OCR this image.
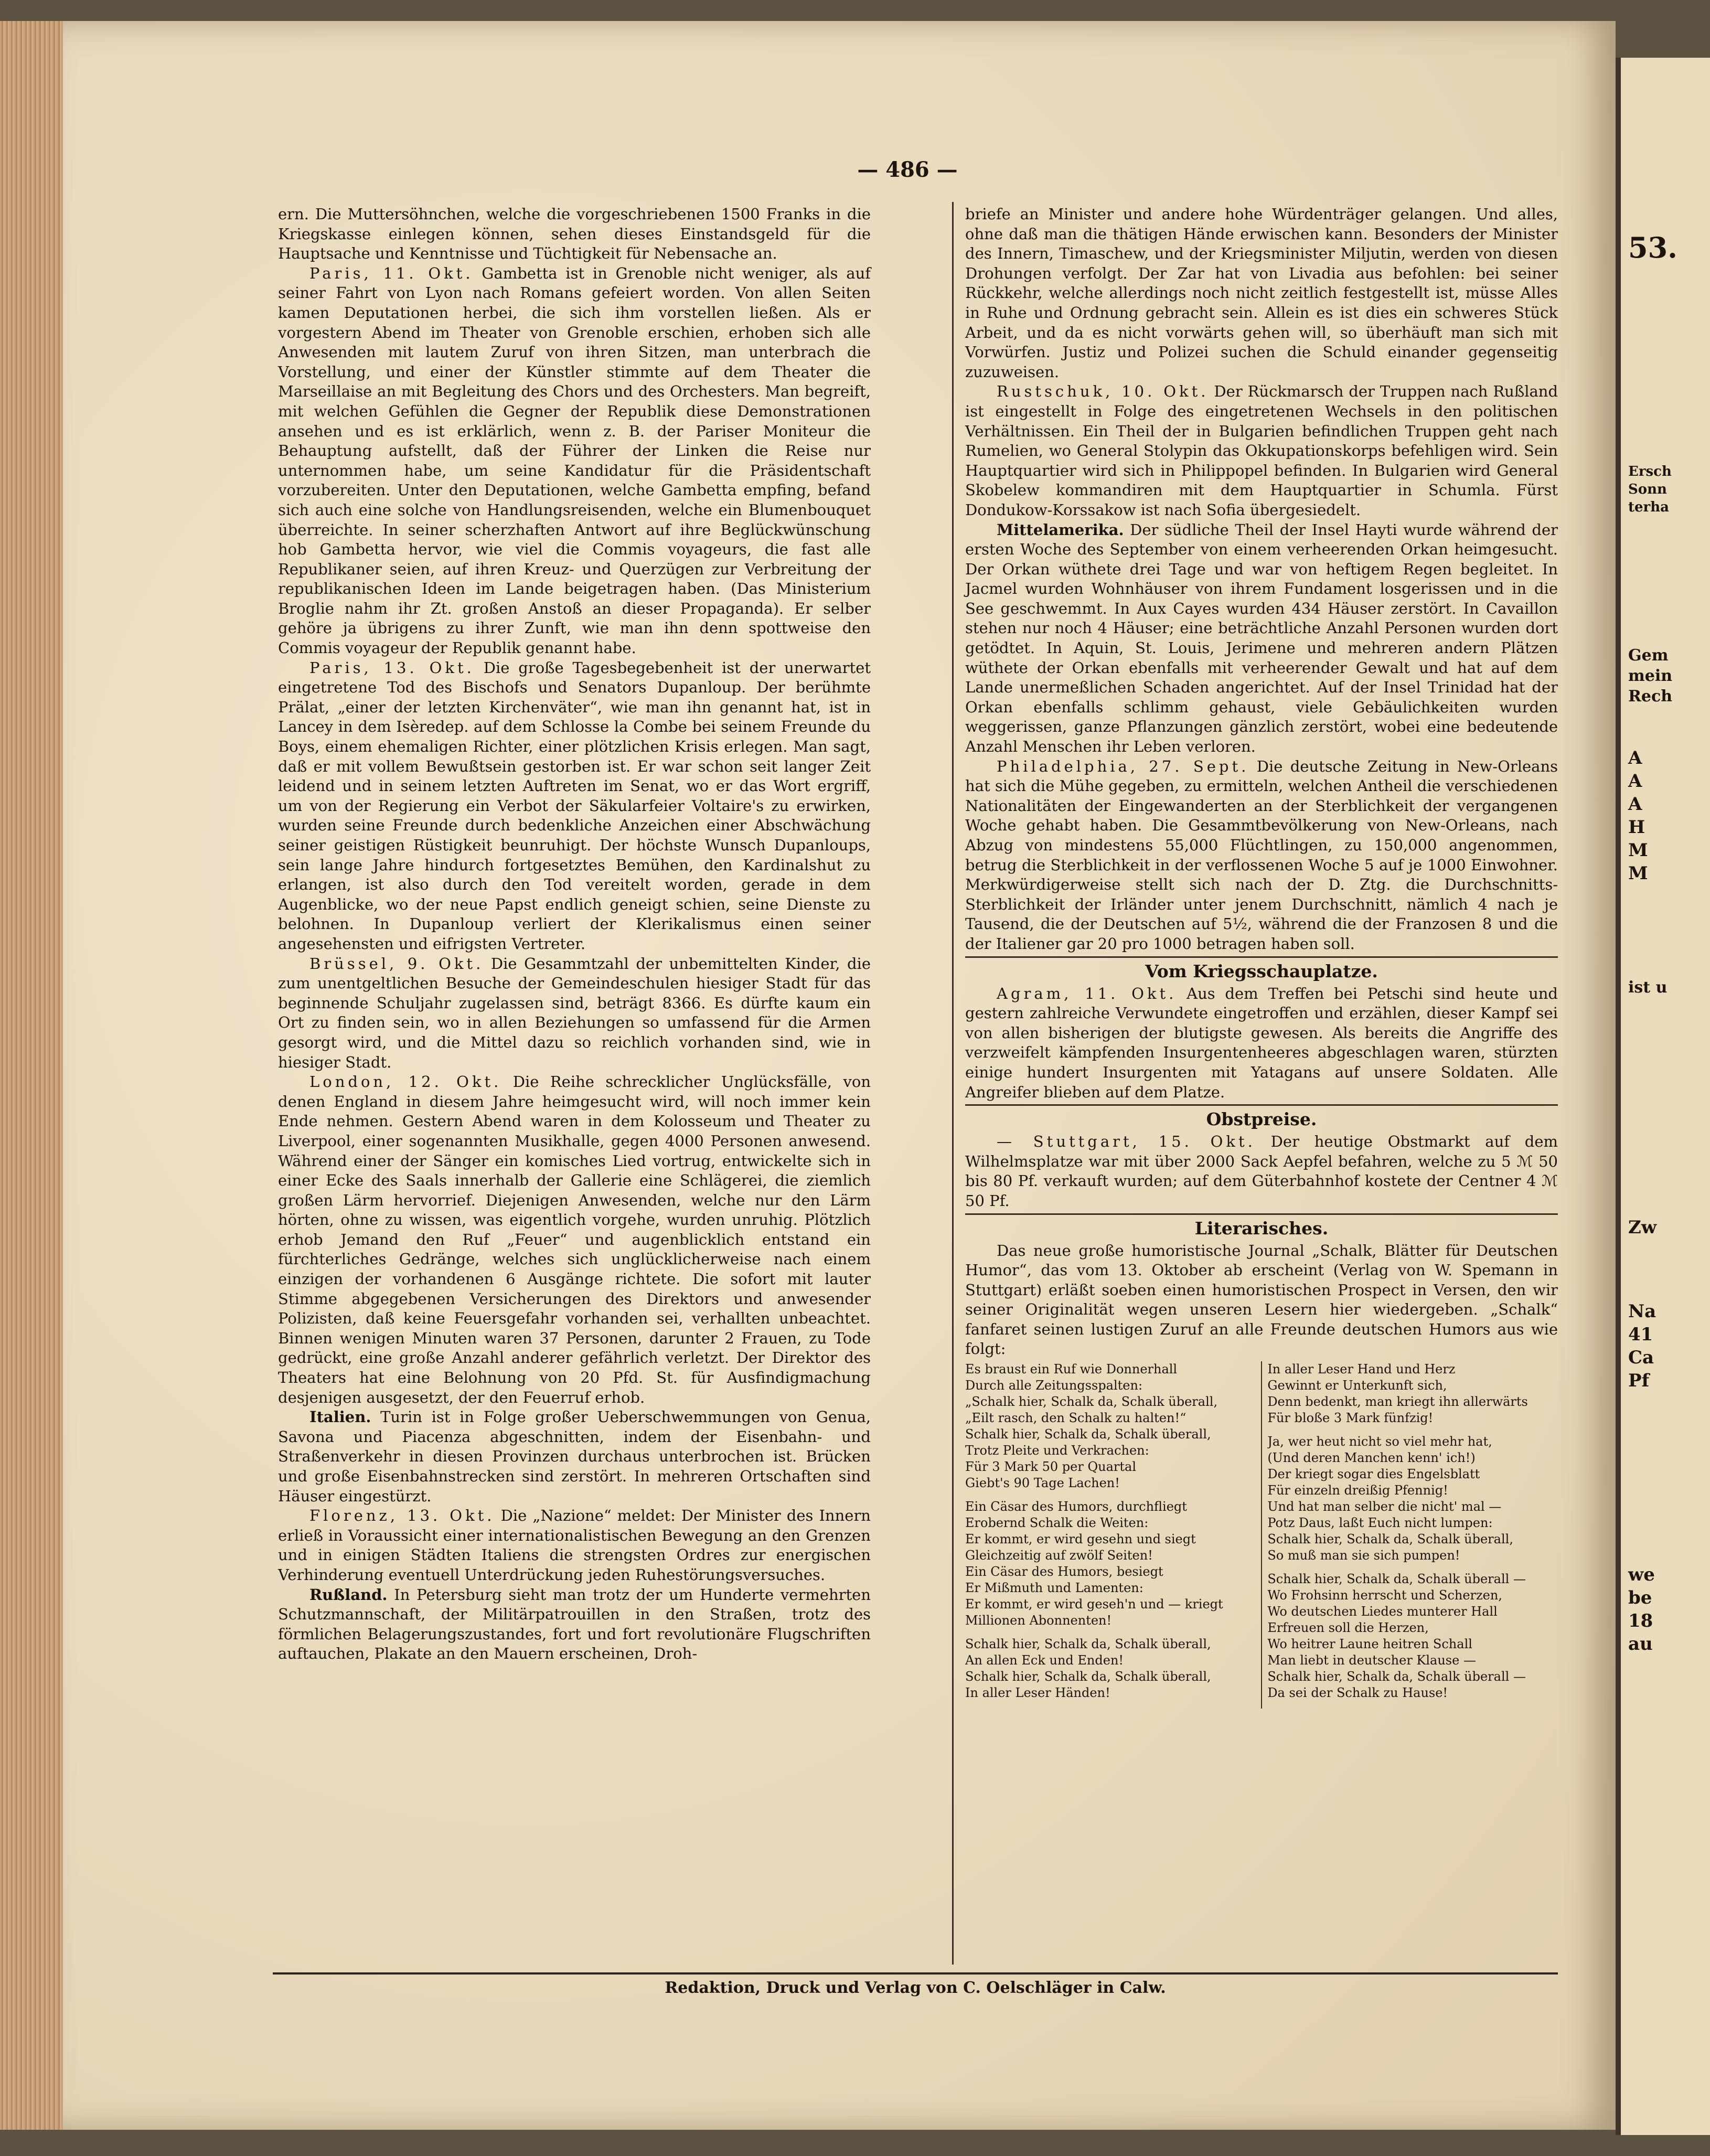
— 486 —

ern. Die Muttersöhnchen, welche die vorgeschriebenen 1500 Franks in die Kriegskasse einlegen können, sehen dieses Einstandsgeld für die Hauptsache und Kenntnisse und Tüchtigkeit für Nebensache an.

Paris, 11. Okt. Gambetta ist in Grenoble nicht weniger, als auf seiner Fahrt von Lyon nach Romans gefeiert worden. Von allen Seiten kamen Deputationen herbei, die sich ihm vorstellen ließen. Als er vorgestern Abend im Theater von Grenoble erschien, erhoben sich alle Anwesenden mit lautem Zuruf von ihren Sitzen, man unterbrach die Vorstellung, und einer der Künstler stimmte auf dem Theater die Marseillaise an mit Begleitung des Chors und des Orchesters. Man begreift, mit welchen Gefühlen die Gegner der Republik diese Demonstrationen ansehen und es ist erklärlich, wenn z. B. der Pariser Moniteur die Behauptung aufstellt, daß der Führer der Linken die Reise nur unternommen habe, um seine Kandidatur für die Präsidentschaft vorzubereiten. Unter den Deputationen, welche Gambetta empfing, befand sich auch eine solche von Handlungsreisenden, welche ein Blumenbouquet überreichte. In seiner scherzhaften Antwort auf ihre Beglückwünschung hob Gambetta hervor, wie viel die Commis voyageurs, die fast alle Republikaner seien, auf ihren Kreuz- und Querzügen zur Verbreitung der republikanischen Ideen im Lande beigetragen haben. (Das Ministerium Broglie nahm ihr Zt. großen Anstoß an dieser Propaganda). Er selber gehöre ja übrigens zu ihrer Zunft, wie man ihn denn spottweise den Commis voyageur der Republik genannt habe.

Paris, 13. Okt. Die große Tagesbegebenheit ist der unerwartet eingetretene Tod des Bischofs und Senators Dupanloup. Der berühmte Prälat, „einer der letzten Kirchenväter“, wie man ihn genannt hat, ist in Lancey in dem Isèredep. auf dem Schlosse la Combe bei seinem Freunde du Boys, einem ehemaligen Richter, einer plötzlichen Krisis erlegen. Man sagt, daß er mit vollem Bewußtsein gestorben ist. Er war schon seit langer Zeit leidend und in seinem letzten Auftreten im Senat, wo er das Wort ergriff, um von der Regierung ein Verbot der Säkularfeier Voltaire's zu erwirken, wurden seine Freunde durch bedenkliche Anzeichen einer Abschwächung seiner geistigen Rüstigkeit beunruhigt. Der höchste Wunsch Dupanloups, sein lange Jahre hindurch fortgesetztes Bemühen, den Kardinalshut zu erlangen, ist also durch den Tod vereitelt worden, gerade in dem Augenblicke, wo der neue Papst endlich geneigt schien, seine Dienste zu belohnen. In Dupanloup verliert der Klerikalismus einen seiner angesehensten und eifrigsten Vertreter.

Brüssel, 9. Okt. Die Gesammtzahl der unbemittelten Kinder, die zum unentgeltlichen Besuche der Gemeindeschulen hiesiger Stadt für das beginnende Schuljahr zugelassen sind, beträgt 8366. Es dürfte kaum ein Ort zu finden sein, wo in allen Beziehungen so umfassend für die Armen gesorgt wird, und die Mittel dazu so reichlich vorhanden sind, wie in hiesiger Stadt.

London, 12. Okt. Die Reihe schrecklicher Unglücksfälle, von denen England in diesem Jahre heimgesucht wird, will noch immer kein Ende nehmen. Gestern Abend waren in dem Kolosseum und Theater zu Liverpool, einer sogenannten Musikhalle, gegen 4000 Personen anwesend. Während einer der Sänger ein komisches Lied vortrug, entwickelte sich in einer Ecke des Saals innerhalb der Gallerie eine Schlägerei, die ziemlich großen Lärm hervorrief. Diejenigen Anwesenden, welche nur den Lärm hörten, ohne zu wissen, was eigentlich vorgehe, wurden unruhig. Plötzlich erhob Jemand den Ruf „Feuer“ und augenblicklich entstand ein fürchterliches Gedränge, welches sich unglücklicherweise nach einem einzigen der vorhandenen 6 Ausgänge richtete. Die sofort mit lauter Stimme abgegebenen Versicherungen des Direktors und anwesender Polizisten, daß keine Feuersgefahr vorhanden sei, verhallten unbeachtet. Binnen wenigen Minuten waren 37 Personen, darunter 2 Frauen, zu Tode gedrückt, eine große Anzahl anderer gefährlich verletzt. Der Direktor des Theaters hat eine Belohnung von 20 Pfd. St. für Ausfindigmachung desjenigen ausgesetzt, der den Feuerruf erhob.

Italien. Turin ist in Folge großer Ueberschwemmungen von Genua, Savona und Piacenza abgeschnitten, indem der Eisenbahn- und Straßenverkehr in diesen Provinzen durchaus unterbrochen ist. Brücken und große Eisenbahnstrecken sind zerstört. In mehreren Ortschaften sind Häuser eingestürzt.

Florenz, 13. Okt. Die „Nazione“ meldet: Der Minister des Innern erließ in Voraussicht einer internationalistischen Bewegung an den Grenzen und in einigen Städten Italiens die strengsten Ordres zur energischen Verhinderung eventuell Unterdrückung jeden Ruhestörungsversuches.

Rußland. In Petersburg sieht man trotz der um Hunderte vermehrten Schutzmannschaft, der Militärpatrouillen in den Straßen, trotz des förmlichen Belagerungszustandes, fort und fort revolutionäre Flugschriften auftauchen, Plakate an den Mauern erscheinen, Droh-

briefe an Minister und andere hohe Würdenträger gelangen. Und alles, ohne daß man die thätigen Hände erwischen kann. Besonders der Minister des Innern, Timaschew, und der Kriegsminister Miljutin, werden von diesen Drohungen verfolgt. Der Zar hat von Livadia aus befohlen: bei seiner Rückkehr, welche allerdings noch nicht zeitlich festgestellt ist, müsse Alles in Ruhe und Ordnung gebracht sein. Allein es ist dies ein schweres Stück Arbeit, und da es nicht vorwärts gehen will, so überhäuft man sich mit Vorwürfen. Justiz und Polizei suchen die Schuld einander gegenseitig zuzuweisen.

Rustschuk, 10. Okt. Der Rückmarsch der Truppen nach Rußland ist eingestellt in Folge des eingetretenen Wechsels in den politischen Verhältnissen. Ein Theil der in Bulgarien befindlichen Truppen geht nach Rumelien, wo General Stolypin das Okkupationskorps befehligen wird. Sein Hauptquartier wird sich in Philippopel befinden. In Bulgarien wird General Skobelew kommandiren mit dem Hauptquartier in Schumla. Fürst Dondukow-Korssakow ist nach Sofia übergesiedelt.

Mittelamerika. Der südliche Theil der Insel Hayti wurde während der ersten Woche des September von einem verheerenden Orkan heimgesucht. Der Orkan wüthete drei Tage und war von heftigem Regen begleitet. In Jacmel wurden Wohnhäuser von ihrem Fundament losgerissen und in die See geschwemmt. In Aux Cayes wurden 434 Häuser zerstört. In Cavaillon stehen nur noch 4 Häuser; eine beträchtliche Anzahl Personen wurden dort getödtet. In Aquin, St. Louis, Jerimene und mehreren andern Plätzen wüthete der Orkan ebenfalls mit verheerender Gewalt und hat auf dem Lande unermeßlichen Schaden angerichtet. Auf der Insel Trinidad hat der Orkan ebenfalls schlimm gehaust, viele Gebäulichkeiten wurden weggerissen, ganze Pflanzungen gänzlich zerstört, wobei eine bedeutende Anzahl Menschen ihr Leben verloren.

Philadelphia, 27. Sept. Die deutsche Zeitung in New-Orleans hat sich die Mühe gegeben, zu ermitteln, welchen Antheil die verschiedenen Nationalitäten der Eingewanderten an der Sterblichkeit der vergangenen Woche gehabt haben. Die Gesammtbevölkerung von New-Orleans, nach Abzug von mindestens 55,000 Flüchtlingen, zu 150,000 angenommen, betrug die Sterblichkeit in der verflossenen Woche 5 auf je 1000 Einwohner. Merkwürdigerweise stellt sich nach der D. Ztg. die Durchschnitts-Sterblichkeit der Irländer unter jenem Durchschnitt, nämlich 4 nach je Tausend, die der Deutschen auf 5½, während die der Franzosen 8 und die der Italiener gar 20 pro 1000 betragen haben soll.

Vom Kriegsschauplatze.

Agram, 11. Okt. Aus dem Treffen bei Petschi sind heute und gestern zahlreiche Verwundete eingetroffen und erzählen, dieser Kampf sei von allen bisherigen der blutigste gewesen. Als bereits die Angriffe des verzweifelt kämpfenden Insurgentenheeres abgeschlagen waren, stürzten einige hundert Insurgenten mit Yatagans auf unsere Soldaten. Alle Angreifer blieben auf dem Platze.

Obstpreise.

— Stuttgart, 15. Okt. Der heutige Obstmarkt auf dem Wilhelmsplatze war mit über 2000 Sack Aepfel befahren, welche zu 5 ℳ 50 bis 80 Pf. verkauft wurden; auf dem Güterbahnhof kostete der Centner 4 ℳ 50 Pf.

Literarisches.

Das neue große humoristische Journal „Schalk, Blätter für Deutschen Humor“, das vom 13. Oktober ab erscheint (Verlag von W. Spemann in Stuttgart) erläßt soeben einen humoristischen Prospect in Versen, den wir seiner Originalität wegen unseren Lesern hier wiedergeben. „Schalk“ fanfaret seinen lustigen Zuruf an alle Freunde deutschen Humors aus wie folgt:

Es braust ein Ruf wie Donnerhall
Durch alle Zeitungsspalten:
„Schalk hier, Schalk da, Schalk überall,
„Eilt rasch, den Schalk zu halten!“
Schalk hier, Schalk da, Schalk überall,
Trotz Pleite und Verkrachen:
Für 3 Mark 50 per Quartal
Giebt's 90 Tage Lachen!
Ein Cäsar des Humors, durchfliegt
Erobernd Schalk die Weiten:
Er kommt, er wird gesehn und siegt
Gleichzeitig auf zwölf Seiten!
Ein Cäsar des Humors, besiegt
Er Mißmuth und Lamenten:
Er kommt, er wird geseh'n und — kriegt
Millionen Abonnenten!
Schalk hier, Schalk da, Schalk überall,
An allen Eck und Enden!
Schalk hier, Schalk da, Schalk überall,
In aller Leser Händen!
In aller Leser Hand und Herz
Gewinnt er Unterkunft sich,
Denn bedenkt, man kriegt ihn allerwärts
Für bloße 3 Mark fünfzig!
Ja, wer heut nicht so viel mehr hat,
(Und deren Manchen kenn' ich!)
Der kriegt sogar dies Engelsblatt
Für einzeln dreißig Pfennig!
Und hat man selber die nicht' mal —
Potz Daus, laßt Euch nicht lumpen:
Schalk hier, Schalk da, Schalk überall,
So muß man sie sich pumpen!
Schalk hier, Schalk da, Schalk überall —
Wo Frohsinn herrscht und Scherzen,
Wo deutschen Liedes munterer Hall
Erfreuen soll die Herzen,
Wo heitrer Laune heitren Schall
Man liebt in deutscher Klause —
Schalk hier, Schalk da, Schalk überall —
Da sei der Schalk zu Hause!
Redaktion, Druck und Verlag von C. Oelschläger in Calw.
53.
Ersch
Sonn
terha
Gem
mein
Rech
A
A
A
H
M
M
ist u
Zw
Na
41
Ca
Pf
we
be
18
au
